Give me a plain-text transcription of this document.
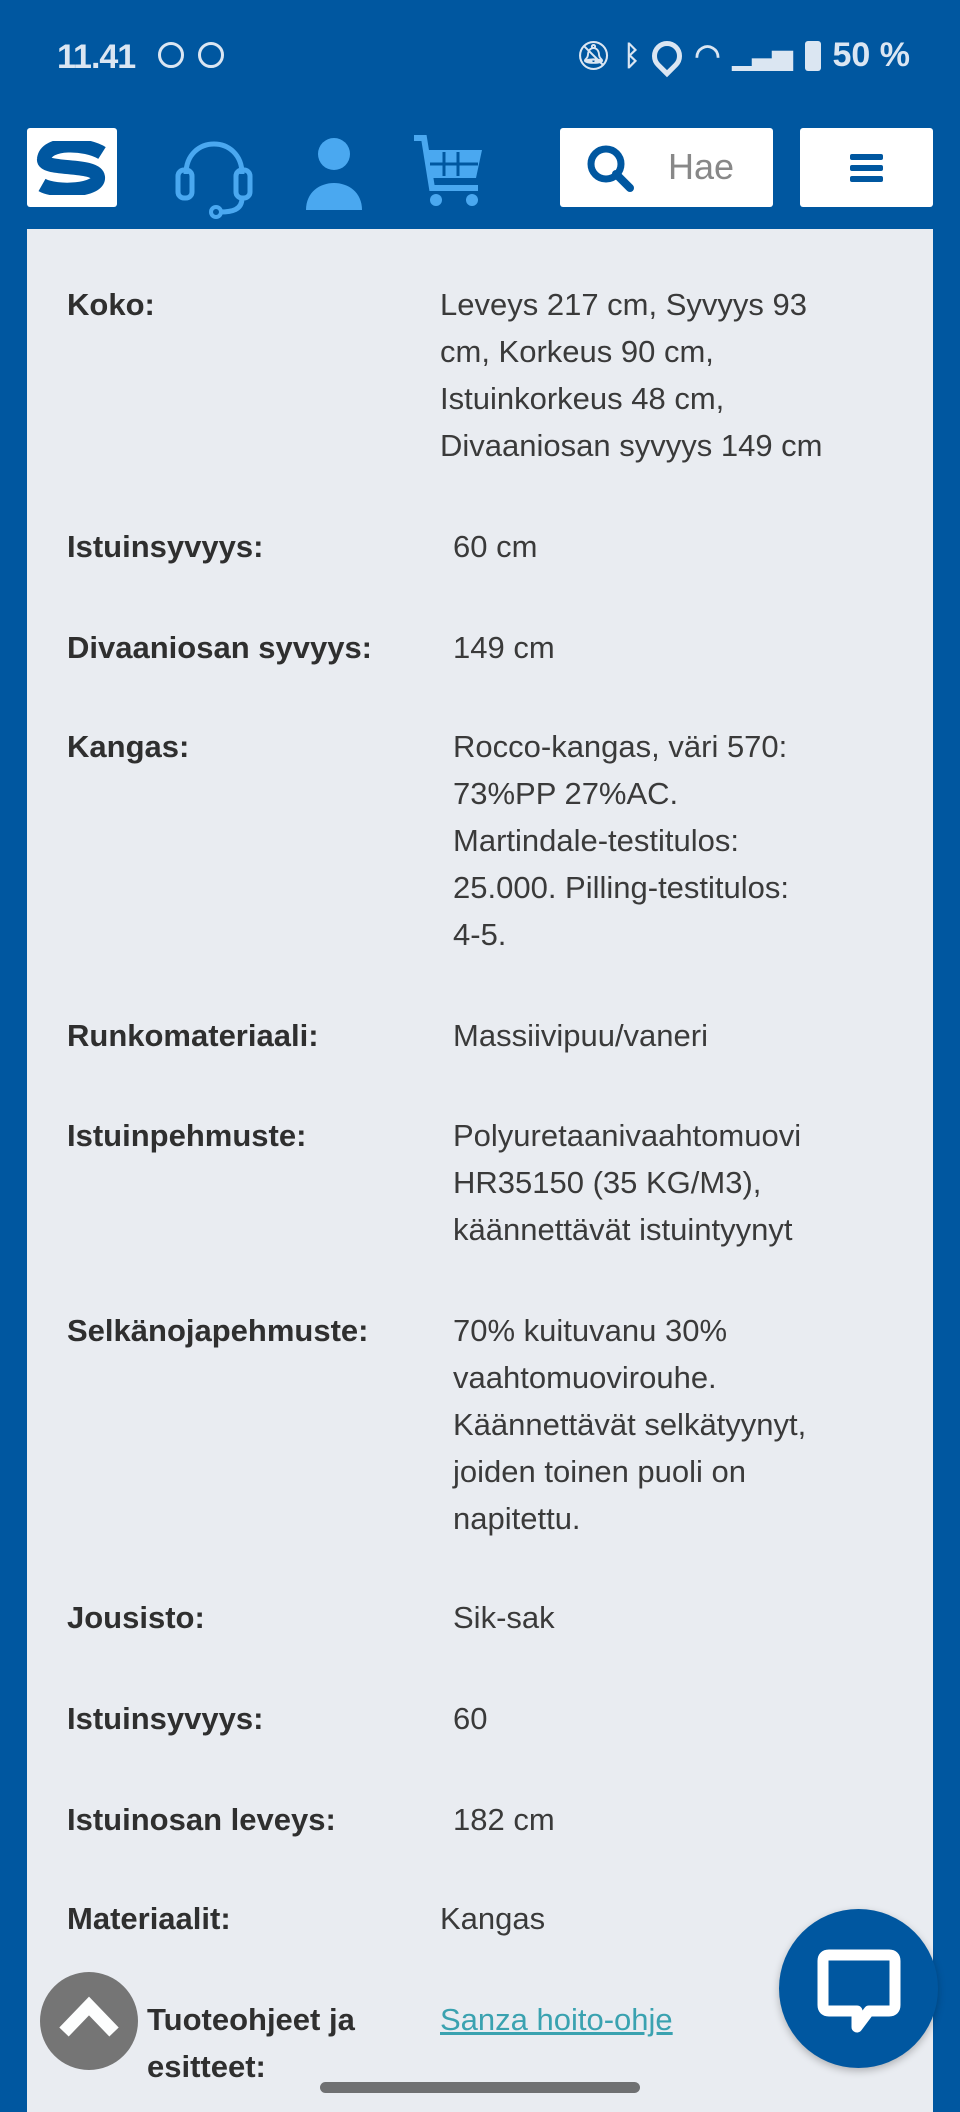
11.41	🔕︎ ᛒ ◠ ▁▃▅ 50 %
Hae
Koko:	Leveys 217 cm, Syvyys 93
cm, Korkeus 90 cm,
Istuinkorkeus 48 cm,
Divaaniosan syvyys 149 cm
Istuinsyvyys:	60 cm
Divaaniosan syvyys:	149 cm
Kangas:	Rocco-kangas, väri 570:
73%PP 27%AC.
Martindale-testitulos:
25.000. Pilling-testitulos:
4-5.
Runkomateriaali:	Massiivipuu/vaneri
Istuinpehmuste:	Polyuretaanivaahtomuovi
HR35150 (35 KG/M3),
käännettävät istuintyynyt
Selkänojapehmuste:	70% kuituvanu 30%
vaahtomuovirouhe.
Käännettävät selkätyynyt,
joiden toinen puoli on
napitettu.
Jousisto:	Sik-sak
Istuinsyvyys:	60
Istuinosan leveys:	182 cm
Materiaalit:	Kangas
Tuoteohjeet ja
esitteet:
Sanza hoito-ohje
